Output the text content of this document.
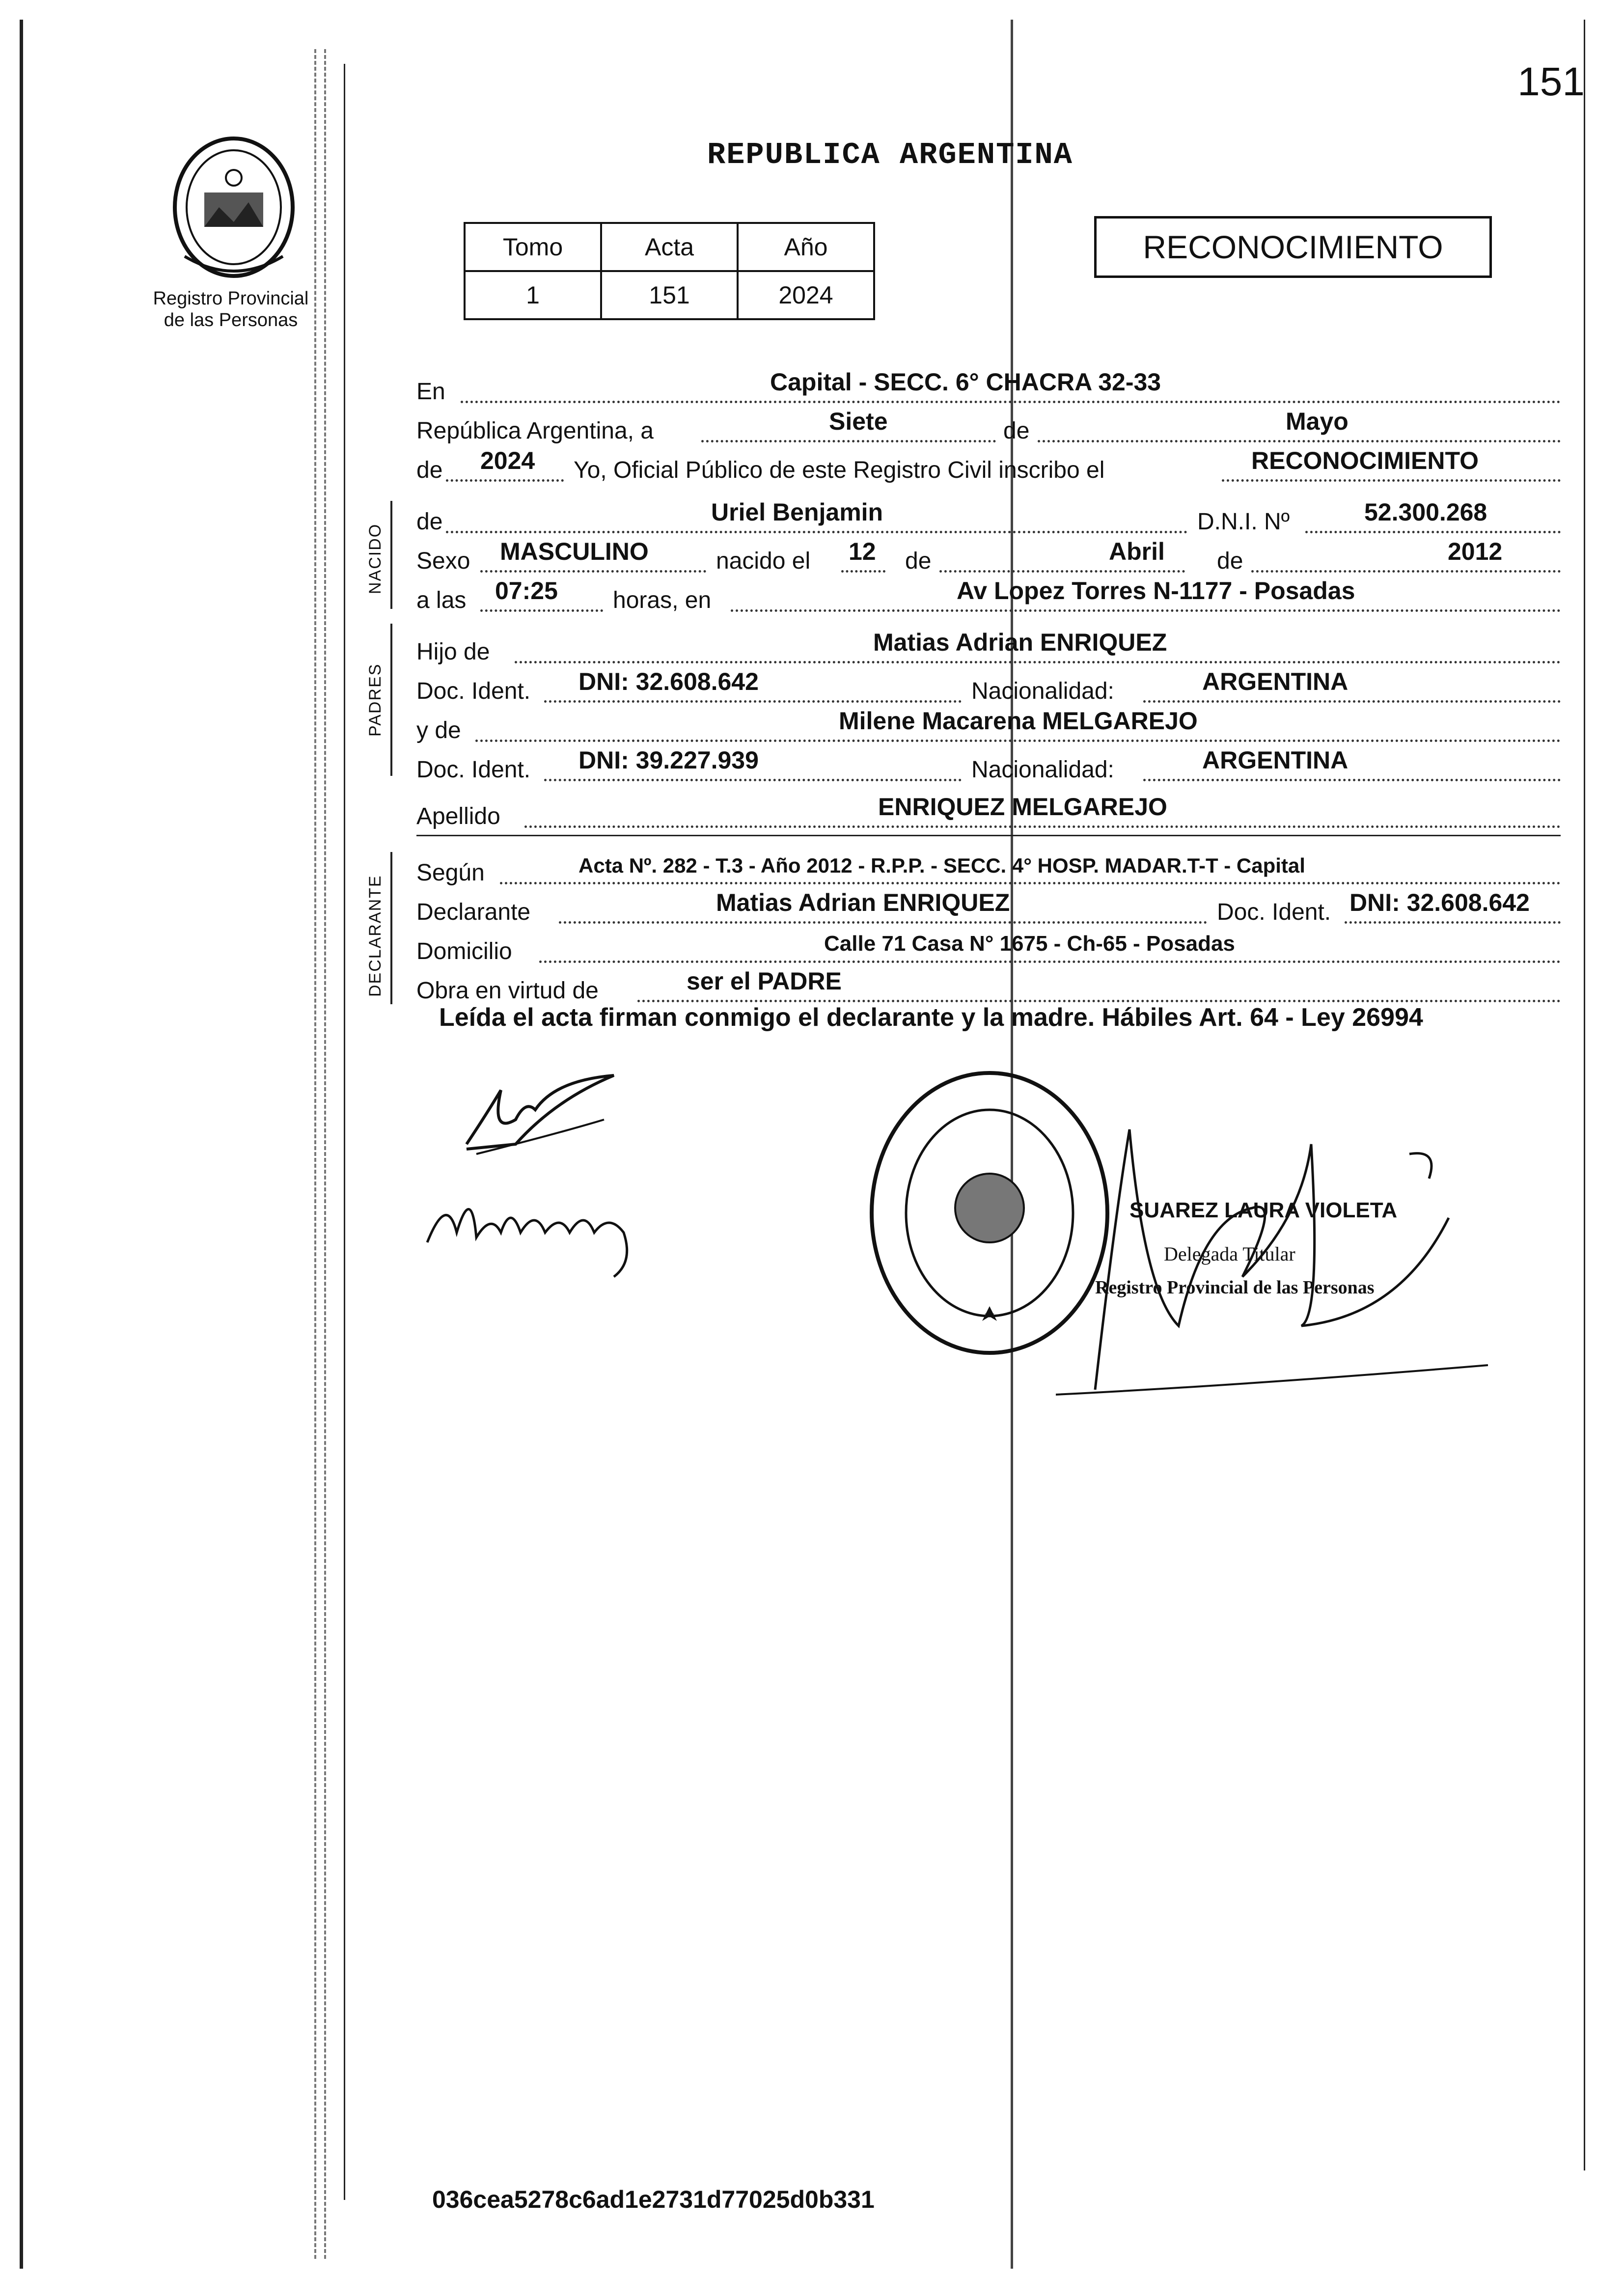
151
Registro Provincial
de las Personas
REPUBLICA ARGENTINA
Tomo	Acta	Año
1	151	2024
RECONOCIMIENTO
En	Capital - SECC. 6° CHACRA 32-33
República Argentina, a	Siete	de	Mayo
de 2024 Yo, Oficial Público de este Registro Civil inscribo el	RECONOCIMIENTO
NACIDO
de	Uriel Benjamin	D.N.I. Nº	52.300.268
Sexo MASCULINO	nacido el 12 de	Abril de	2012
a las 07:25 horas, en	Av Lopez Torres N-1177 - Posadas
PADRES
Hijo de	Matias Adrian ENRIQUEZ
Doc. Ident. DNI: 32.608.642	Nacionalidad:	ARGENTINA
y de	Milene Macarena MELGAREJO
Doc. Ident. DNI: 39.227.939	Nacionalidad:	ARGENTINA
Apellido	ENRIQUEZ MELGAREJO
DECLARANTE
Según	Acta Nº. 282 - T.3 - Año 2012 - R.P.P. - SECC. 4° HOSP. MADAR.T-T - Capital
Declarante	Matias Adrian ENRIQUEZ	Doc. Ident. DNI: 32.608.642
Domicilio	Calle 71 Casa N° 1675 - Ch-65 - Posadas
Obra en virtud de	ser el PADRE
Leída el acta firman conmigo el declarante y la madre. Hábiles Art. 64 - Ley 26994
SUAREZ LAURA VIOLETA
Delegada Titular
Registro Provincial de las Personas
036cea5278c6ad1e2731d77025d0b331
